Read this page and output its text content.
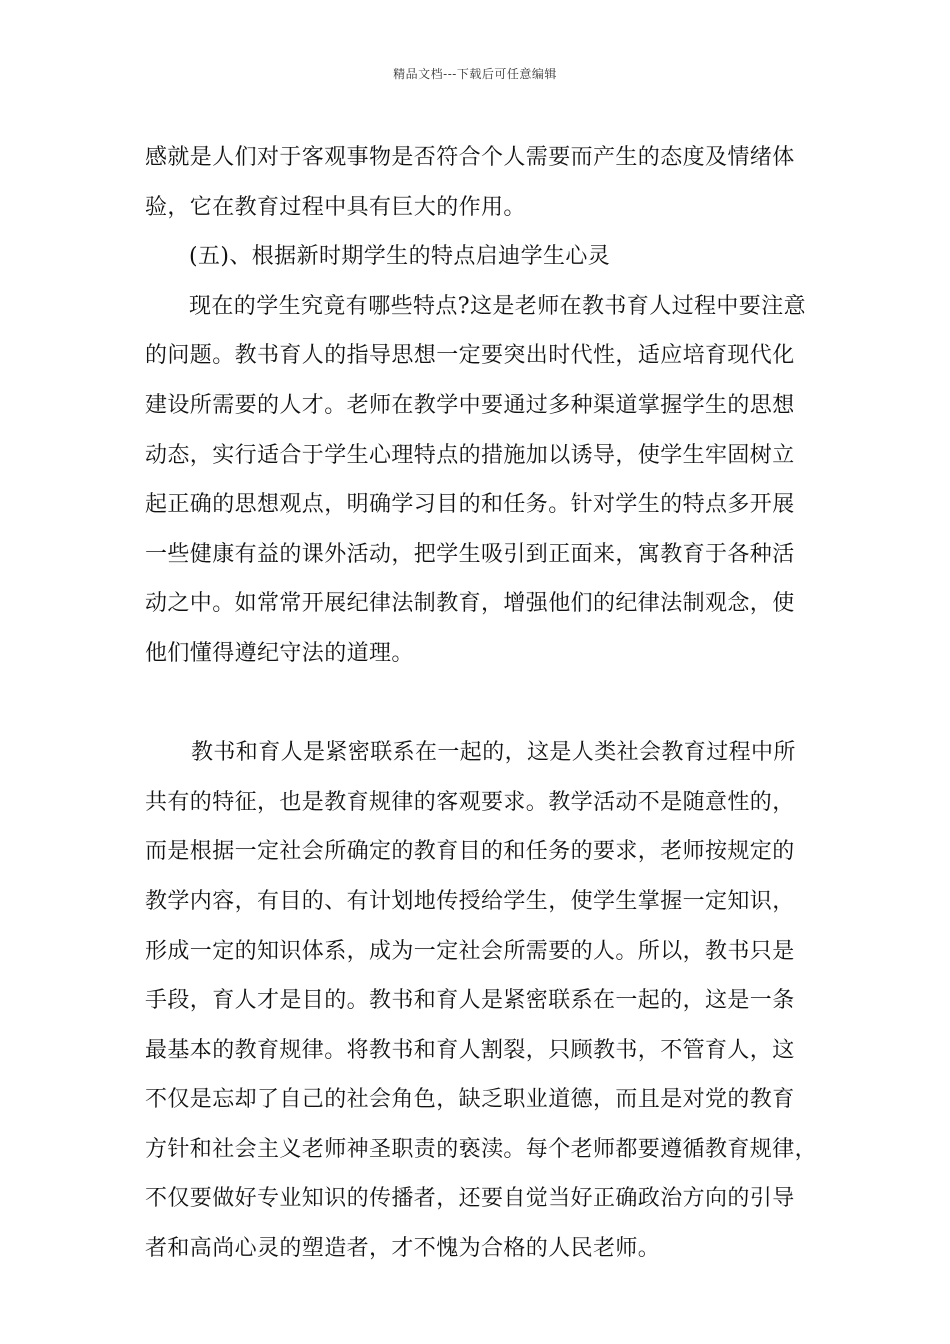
精品文档---下载后可任意编辑
感就是人们对于客观事物是否符合个人需要而产生的态度及情绪体
验，它在教育过程中具有巨大的作用。
(五)、根据新时期学生的特点启迪学生心灵
现在的学生究竟有哪些特点?这是老师在教书育人过程中要注意
的问题。教书育人的指导思想一定要突出时代性，适应培育现代化
建设所需要的人才。老师在教学中要通过多种渠道掌握学生的思想
动态，实行适合于学生心理特点的措施加以诱导，使学生牢固树立
起正确的思想观点，明确学习目的和任务。针对学生的特点多开展
一些健康有益的课外活动，把学生吸引到正面来，寓教育于各种活
动之中。如常常开展纪律法制教育，增强他们的纪律法制观念，使
他们懂得遵纪守法的道理。
教书和育人是紧密联系在一起的，这是人类社会教育过程中所
共有的特征，也是教育规律的客观要求。教学活动不是随意性的，
而是根据一定社会所确定的教育目的和任务的要求，老师按规定的
教学内容，有目的、有计划地传授给学生，使学生掌握一定知识，
形成一定的知识体系，成为一定社会所需要的人。所以，教书只是
手段，育人才是目的。教书和育人是紧密联系在一起的，这是一条
最基本的教育规律。将教书和育人割裂，只顾教书，不管育人，这
不仅是忘却了自己的社会角色，缺乏职业道德，而且是对党的教育
方针和社会主义老师神圣职责的亵渎。每个老师都要遵循教育规律，
不仅要做好专业知识的传播者，还要自觉当好正确政治方向的引导
者和高尚心灵的塑造者，才不愧为合格的人民老师。
